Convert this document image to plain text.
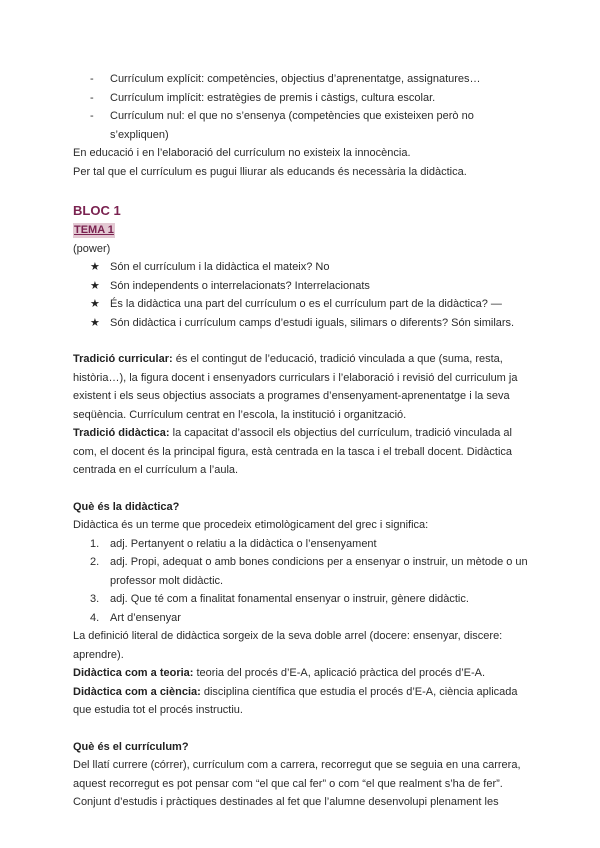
- Currículum explícit: competències, objectius d’aprenentatge, assignatures…
- Currículum implícit: estratègies de premis i càstigs, cultura escolar.
- Currículum nul: el que no s’ensenya (competències que existeixen però no s’expliquen)

En educació i en l’elaboració del currículum no existeix la innocència.

Per tal que el currículum es pugui lliurar als educands és necessària la didàctica.

BLOC 1
TEMA 1

(power)

★ Són el currículum i la didàctica el mateix? No
★ Són independents o interrelacionats? Interrelacionats
★ És la didàctica una part del currículum o es el currículum part de la didàctica? —
★ Són didàctica i currículum camps d’estudi iguals, silimars o diferents? Són similars.

Tradició curricular: és el contingut de l’educació, tradició vinculada a que (suma, resta, història…), la figura docent i ensenyadors curriculars i l’elaboració i revisió del curriculum ja existent i els seus objectius associats a programes d’ensenyament-aprenentatge i la seva seqüència. Currículum centrat en l’escola, la institució i organització.

Tradició didàctica: la capacitat d’associl els objectius del currículum, tradició vinculada al com, el docent és la principal figura, està centrada en la tasca i el treball docent. Didàctica centrada en el currículum a l’aula.

Què és la didàctica?

Didàctica és un terme que procedeix etimològicament del grec i significa:

1. adj. Pertanyent o relatiu a la didàctica o l’ensenyament
2. adj. Propi, adequat o amb bones condicions per a ensenyar o instruir, un mètode o un professor molt didàctic.
3. adj. Que té com a finalitat fonamental ensenyar o instruir, gènere didàctic.
4. Art d’ensenyar

La definició literal de didàctica sorgeix de la seva doble arrel (docere: ensenyar, discere: aprendre).

Didàctica com a teoria: teoria del procés d’E-A, aplicació pràctica del procés d’E-A.

Didàctica com a ciència: disciplina científica que estudia el procés d’E-A, ciència aplicada que estudia tot el procés instructiu.

Què és el currículum?

Del llatí currere (córrer), currículum com a carrera, recorregut que se seguia en una carrera, aquest recorregut es pot pensar com “el que cal fer” o com “el que realment s’ha de fer”. Conjunt d’estudis i pràctiques destinades al fet que l’alumne desenvolupi plenament les
